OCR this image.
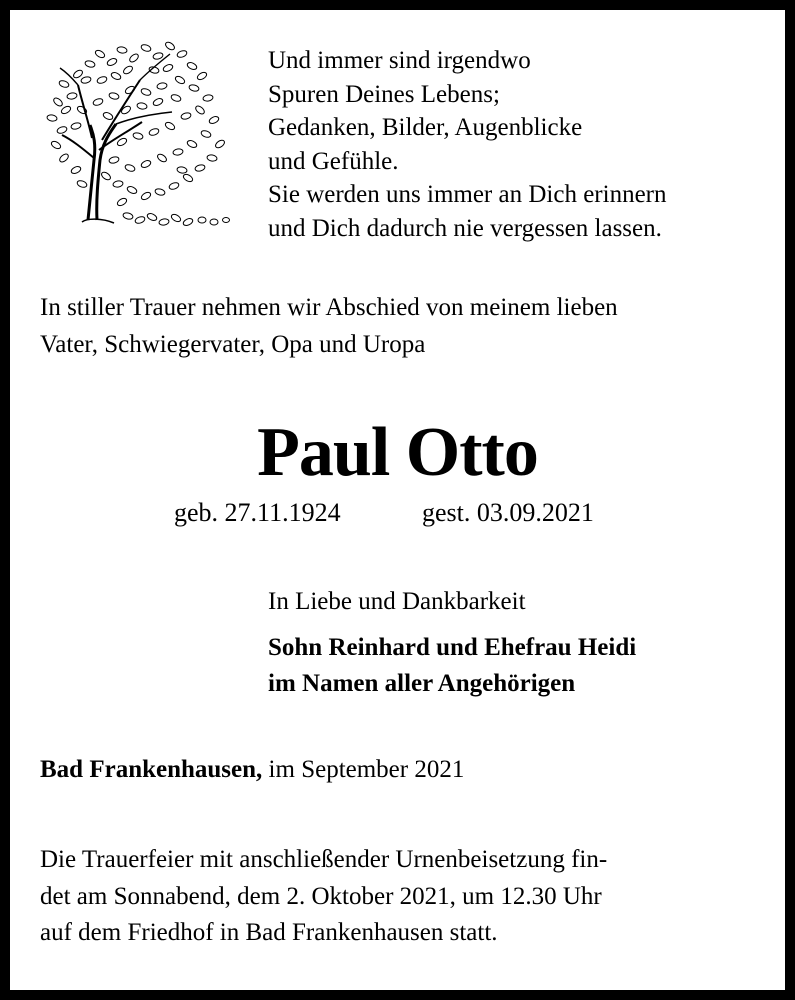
Und immer sind irgendwo
Spuren Deines Lebens;
Gedanken, Bilder, Augenblicke
und Gefühle.
Sie werden uns immer an Dich erinnern
und Dich dadurch nie vergessen lassen.
In stiller Trauer nehmen wir Abschied von meinem lieben
Vater, Schwiegervater, Opa und Uropa
Paul Otto
geb. 27.11.1924	gest. 03.09.2021
In Liebe und Dankbarkeit
Sohn Reinhard und Ehefrau Heidi
im Namen aller Angehörigen
Bad Frankenhausen, im September 2021
Die Trauerfeier mit anschließender Urnenbeisetzung fin-
det am Sonnabend, dem 2. Oktober 2021, um 12.30 Uhr
auf dem Friedhof in Bad Frankenhausen statt.
